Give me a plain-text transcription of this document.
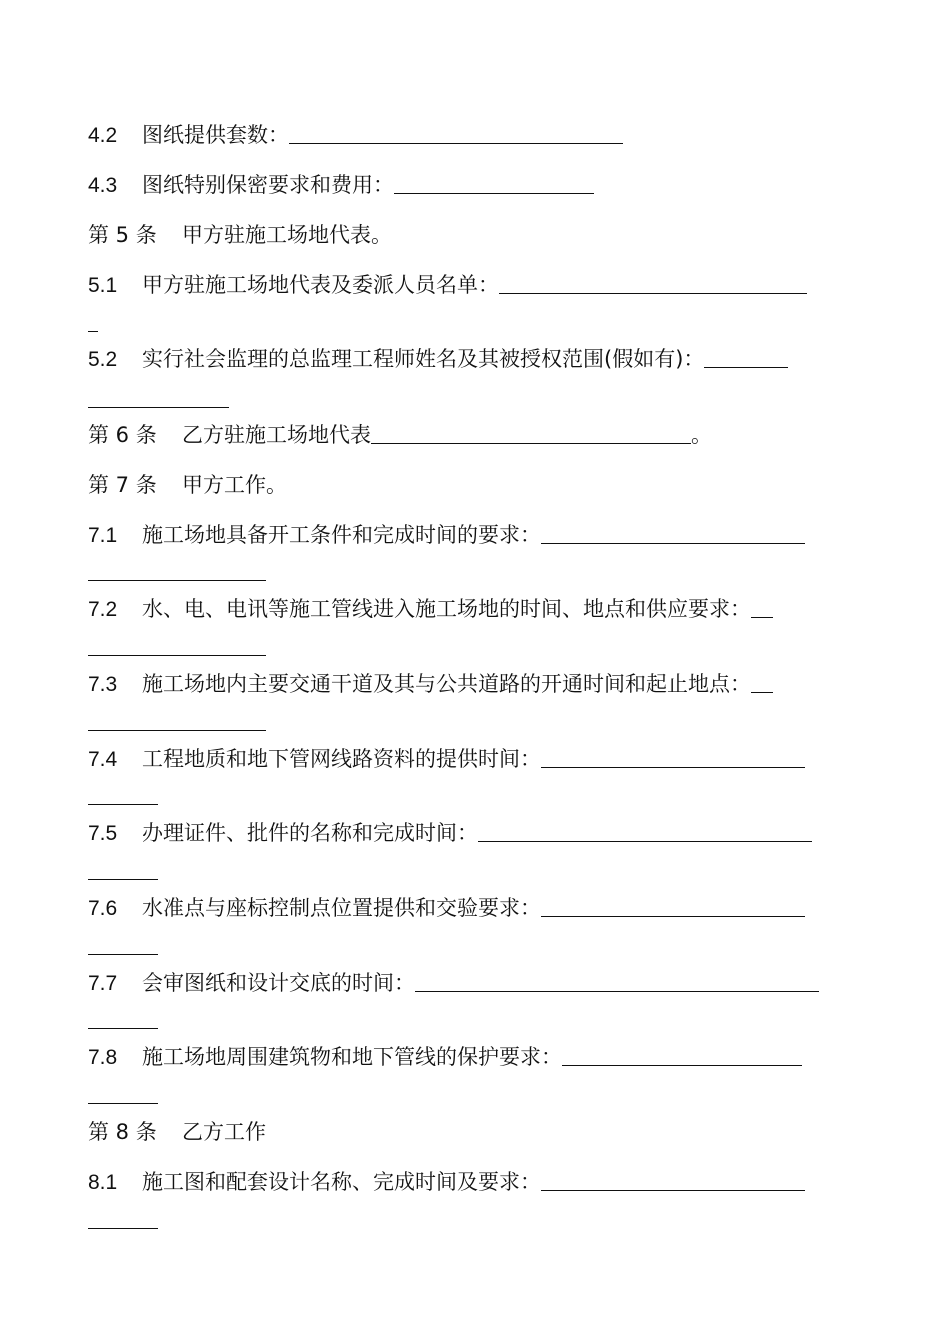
4.2 图纸提供套数：
4.3 图纸特别保密要求和费用：
第 5 条 甲方驻施工场地代表。
5.1 甲方驻施工场地代表及委派人员名单：
5.2 实行社会监理的总监理工程师姓名及其被授权范围(假如有)：
第 6 条 乙方驻施工场地代表	。
第 7 条 甲方工作。
7.1 施工场地具备开工条件和完成时间的要求：
7.2 水、电、电讯等施工管线进入施工场地的时间、地点和供应要求：
7.3 施工场地内主要交通干道及其与公共道路的开通时间和起止地点：
7.4 工程地质和地下管网线路资料的提供时间：
7.5 办理证件、批件的名称和完成时间：
7.6 水准点与座标控制点位置提供和交验要求：
7.7 会审图纸和设计交底的时间：
7.8 施工场地周围建筑物和地下管线的保护要求：
第 8 条 乙方工作
8.1 施工图和配套设计名称、完成时间及要求：
